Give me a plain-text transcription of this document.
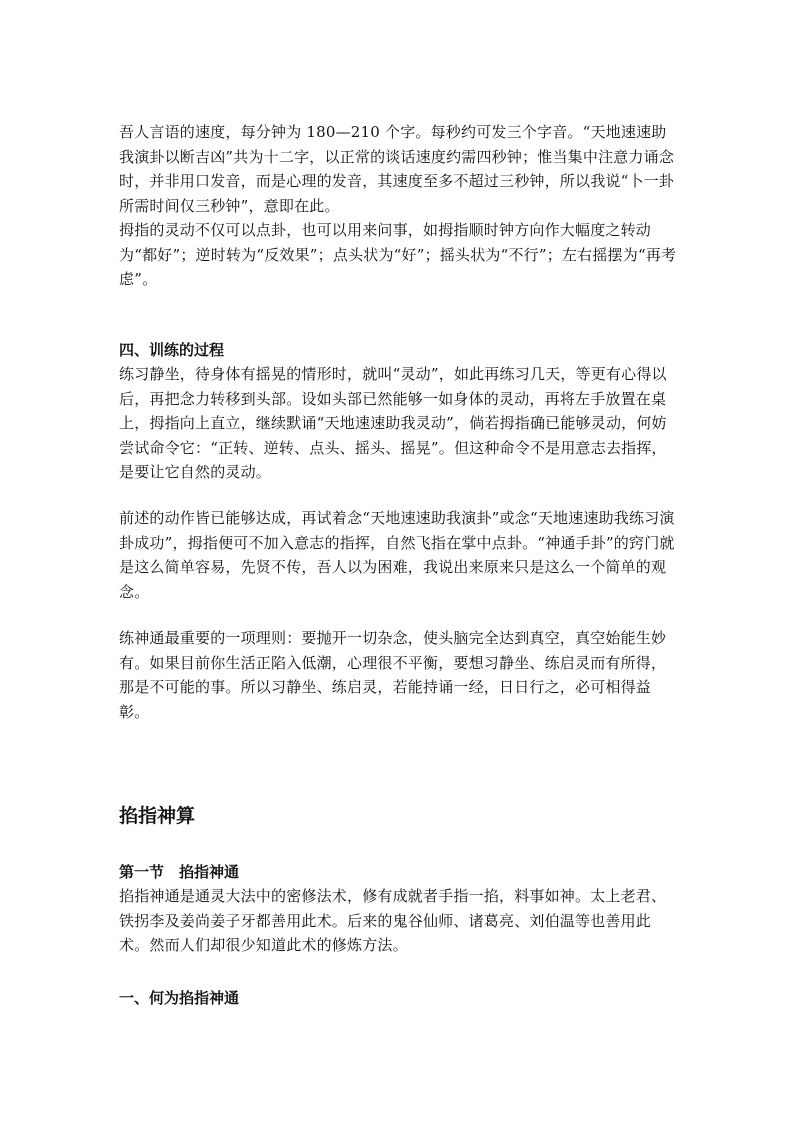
吾人言语的速度，每分钟为 180—210 个字。每秒约可发三个字音。“天地速速助我演卦以断吉凶”共为十二字，以正常的谈话速度约需四秒钟；惟当集中注意力诵念时，并非用口发音，而是心理的发音，其速度至多不超过三秒钟，所以我说“卜一卦所需时间仅三秒钟”，意即在此。

拇指的灵动不仅可以点卦，也可以用来问事，如拇指顺时钟方向作大幅度之转动为“都好”；逆时转为“反效果”；点头状为“好”；摇头状为“不行”；左右摇摆为“再考虑”。

四、训练的过程

练习静坐，待身体有摇晃的情形时，就叫“灵动”，如此再练习几天，等更有心得以后，再把念力转移到头部。设如头部已然能够一如身体的灵动，再将左手放置在桌上，拇指向上直立，继续默诵“天地速速助我灵动”，倘若拇指确已能够灵动，何妨尝试命令它：“正转、逆转、点头、摇头、摇晃”。但这种命令不是用意志去指挥，是要让它自然的灵动。

前述的动作皆已能够达成，再试着念“天地速速助我演卦”或念“天地速速助我练习演卦成功”，拇指便可不加入意志的指挥，自然飞指在掌中点卦。“神通手卦”的窍门就是这么简单容易，先贤不传，吾人以为困难，我说出来原来只是这么一个简单的观念。

练神通最重要的一项理则：要抛开一切杂念，使头脑完全达到真空，真空始能生妙有。如果目前你生活正陷入低潮，心理很不平衡，要想习静坐、练启灵而有所得，那是不可能的事。所以习静坐、练启灵，若能持诵一经，日日行之，必可相得益彰。

掐指神算

第一节　掐指神通

掐指神通是通灵大法中的密修法术，修有成就者手指一掐，料事如神。太上老君、铁拐李及姜尚姜子牙都善用此术。后来的鬼谷仙师、诸葛亮、刘伯温等也善用此术。然而人们却很少知道此术的修炼方法。

一、何为掐指神通
